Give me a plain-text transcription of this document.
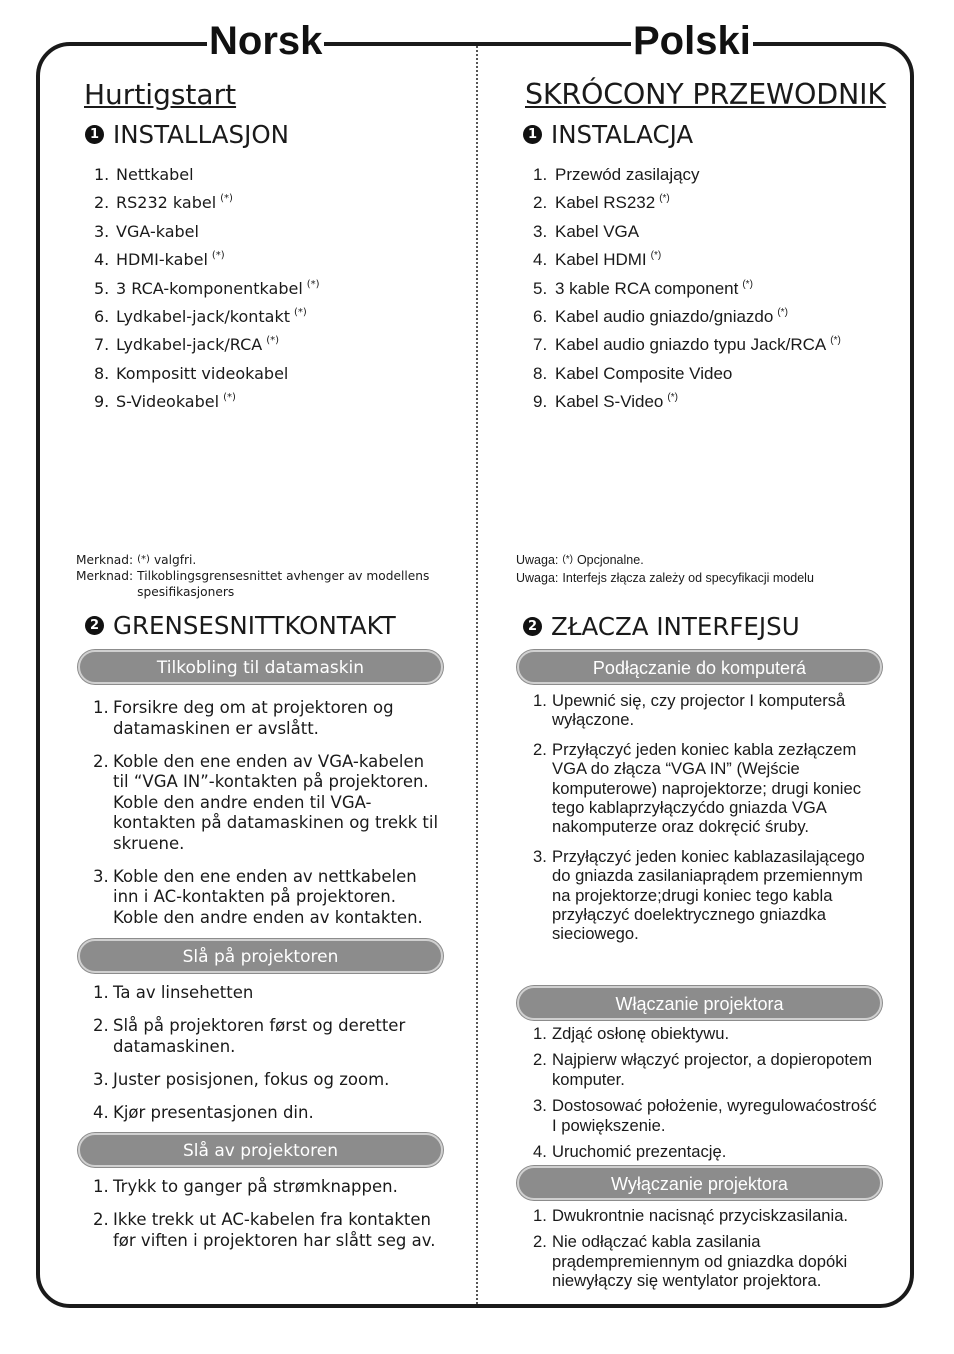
Norsk	Polski
Hurtigstart
1 INSTALLASJON
1. Nettkabel
2. RS232 kabel (*)
3. VGA-kabel
4. HDMI-kabel (*)
5. 3 RCA-komponentkabel (*)
6. Lydkabel-jack/kontakt (*)
7. Lydkabel-jack/RCA (*)
8. Kompositt videokabel
9. S-Videokabel (*)
Merknad: (*) valgfri.
Merknad: Tilkoblingsgrensesnittet avhenger av modellens spesifikasjoners
2 GRENSESNITTKONTAKT
Tilkobling til datamaskin
1. Forsikre deg om at projektoren og datamaskinen er avslått.
2. Koble den ene enden av VGA-kabelen til “VGA IN”-kontakten på projektoren. Koble den andre enden til VGA-kontakten på datamaskinen og trekk til skruene.
3. Koble den ene enden av nettkabelen inn i AC-kontakten på projektoren. Koble den andre enden av kontakten.
Slå på projektoren
1. Ta av linsehetten
2. Slå på projektoren først og deretter datamaskinen.
3. Juster posisjonen, fokus og zoom.
4. Kjør presentasjonen din.
Slå av projektoren
1. Trykk to ganger på strømknappen.
2. Ikke trekk ut AC-kabelen fra kontakten før viften i projektoren har slått seg av.
SKRÓCONY PRZEWODNIK
1 INSTALACJA
1. Przewód zasilający
2. Kabel RS232 (*)
3. Kabel VGA
4. Kabel HDMI (*)
5. 3 kable RCA component (*)
6. Kabel audio gniazdo/gniazdo (*)
7. Kabel audio gniazdo typu Jack/RCA (*)
8. Kabel Composite Video
9. Kabel S-Video (*)
Uwaga: (*) Opcjonalne.
Uwaga: Interfejs złącza zależy od specyfikacji modelu
2 ZŁACZA INTERFEJSU
Podłączanie do komputerá
1. Upewnić się, czy projector I komputerså wyłączone.
2. Przyłączyć jeden koniec kabla zezłączem VGA do złącza “VGA IN” (Wejście komputerowe) naprojektorze; drugi koniec tego kablaprzyłączyćdo gniazda VGA nakomputerze oraz dokręcić śruby.
3. Przyłączyć jeden koniec kablazasilającego do gniazda zasilaniaprądem przemiennym na projektorze;drugi koniec tego kabla przyłączyć doelektrycznego gniazdka sieciowego.
Włączanie projektora
1. Zdjąć osłonę obiektywu.
2. Najpierw włączyć projector, a dopieropotem komputer.
3. Dostosować położenie, wyregulowaćostrość I powiększenie.
4. Uruchomić prezentację.
Wyłączanie projektora
1. Dwukrontnie nacisnąć przyciskzasilania.
2. Nie odłączać kabla zasilania prądempremiennym od gniazdka dopóki niewyłączy się wentylator projektora.
